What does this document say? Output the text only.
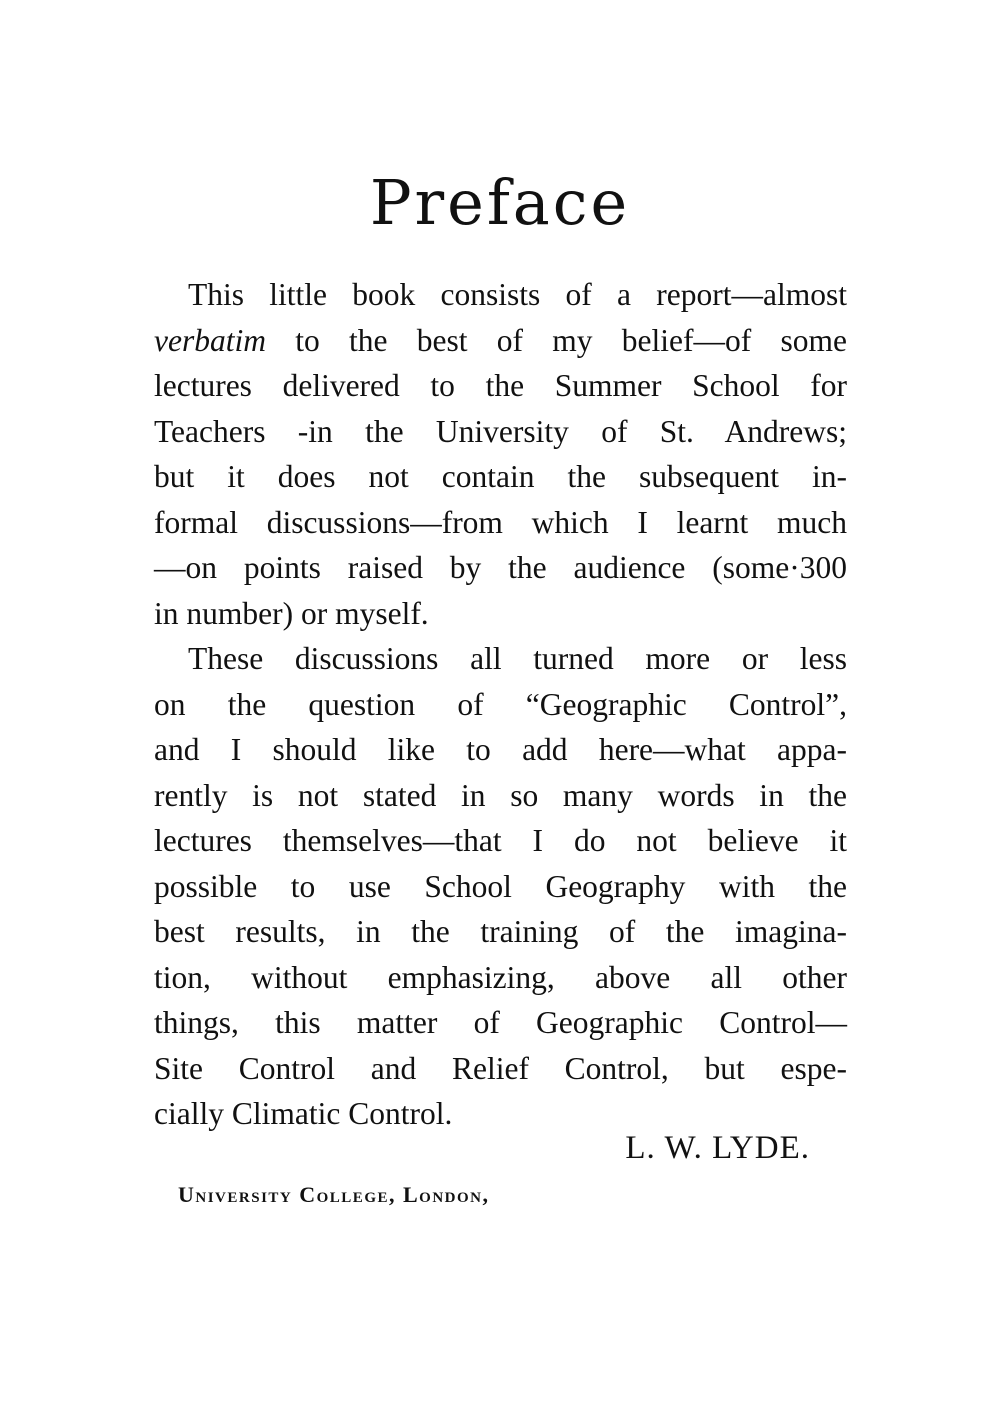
Preface

This little book consists of a report—almost
verbatim to the best of my belief—of some
lectures delivered to the Summer School for
Teachers -in the University of St. Andrews;
but it does not contain the subsequent in-
formal discussions—from which I learnt much
—on points raised by the audience (some·300
in number) or myself.

These discussions all turned more or less
on the question of “Geographic Control”,
and I should like to add here—what appa-
rently is not stated in so many words in the
lectures themselves—that I do not believe it
possible to use School Geography with the
best results, in the training of the imagina-
tion, without emphasizing, above all other
things, this matter of Geographic Control—
Site Control and Relief Control, but espe-
cially Climatic Control.

L. W. LYDE.
University College, London,
